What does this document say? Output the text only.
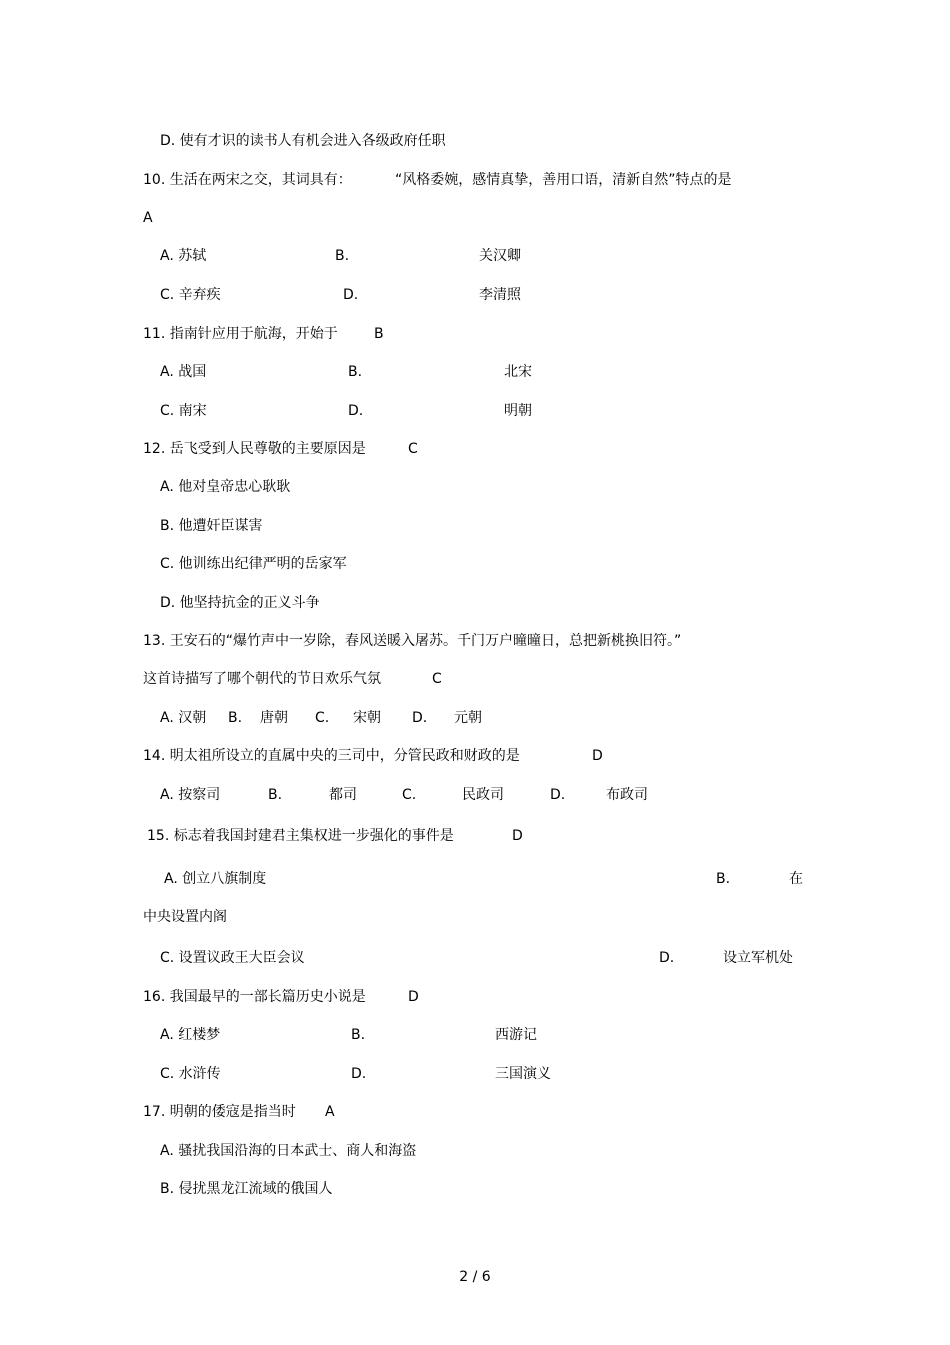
D. 使有才识的读书人有机会进入各级政府任职
10. 生活在两宋之交，其词具有：	“风格委婉，感情真挚，善用口语，清新自然”特点的是
A
A. 苏轼	B.	关汉卿
C. 辛弃疾	D.	李清照
11. 指南针应用于航海，开始于	B
A. 战国	B.	北宋
C. 南宋	D.	明朝
12. 岳飞受到人民尊敬的主要原因是	C
A. 他对皇帝忠心耿耿
B. 他遭奸臣谋害
C. 他训练出纪律严明的岳家军
D. 他坚持抗金的正义斗争
13. 王安石的“爆竹声中一岁除，春风送暖入屠苏。千门万户曈曈日，总把新桃换旧符。”
这首诗描写了哪个朝代的节日欢乐气氛	C
A. 汉朝 B. 唐朝 C. 宋朝 D. 元朝
14. 明太祖所设立的直属中央的三司中，分管民政和财政的是	D
A. 按察司	B.	都司	C.	民政司	D.	布政司
15. 标志着我国封建君主集权进一步强化的事件是	D
A. 创立八旗制度	B.	在
中央设置内阁
C. 设置议政王大臣会议	D.	设立军机处
16. 我国最早的一部长篇历史小说是	D
A. 红楼梦	B.	西游记
C. 水浒传	D.	三国演义
17. 明朝的倭寇是指当时 A
A. 骚扰我国沿海的日本武士、商人和海盗
B. 侵扰黑龙江流域的俄国人
2 / 6
